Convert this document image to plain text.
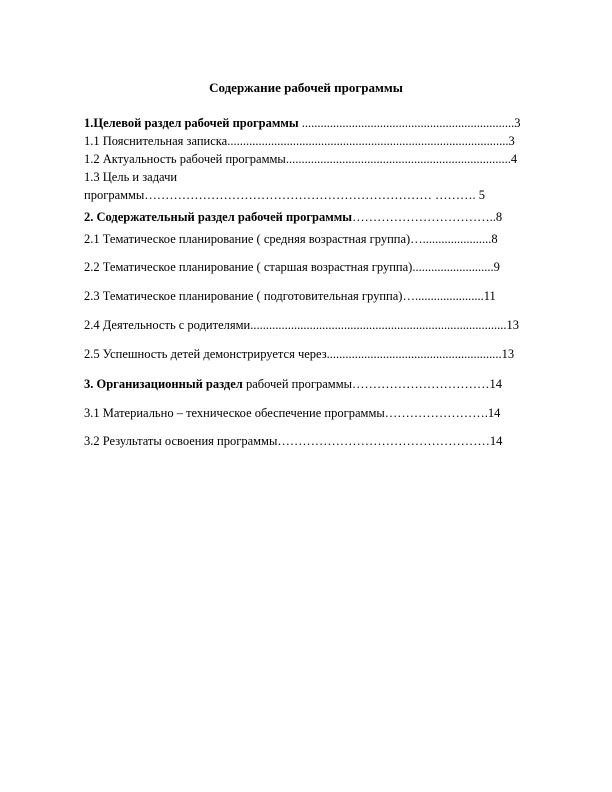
Содержание рабочей программы
1.Целевой раздел рабочей программы ....................................................................3
1.1 Пояснительная записка..........................................................................................3
1.2 Актуальность рабочей программы........................................................................4
1.3 Цель и задачи
программы…………………………………………………………… ………. 5
2. Содержательный раздел рабочей программы……………………………..8
2.1 Тематическое планирование ( средняя возрастная группа)…......................8
2.2 Тематическое планирование ( старшая возрастная группа)..........................9
2.3 Тематическое планирование ( подготовительная группа)…......................11
2.4 Деятельность с родителями..................................................................................13
2.5 Успешность детей демонстрируется через........................................................13
3. Организационный раздел рабочей программы……………………………14
3.1 Материально – техническое обеспечение программы…………………….14
3.2 Результаты освоения программы……………………………………………14
